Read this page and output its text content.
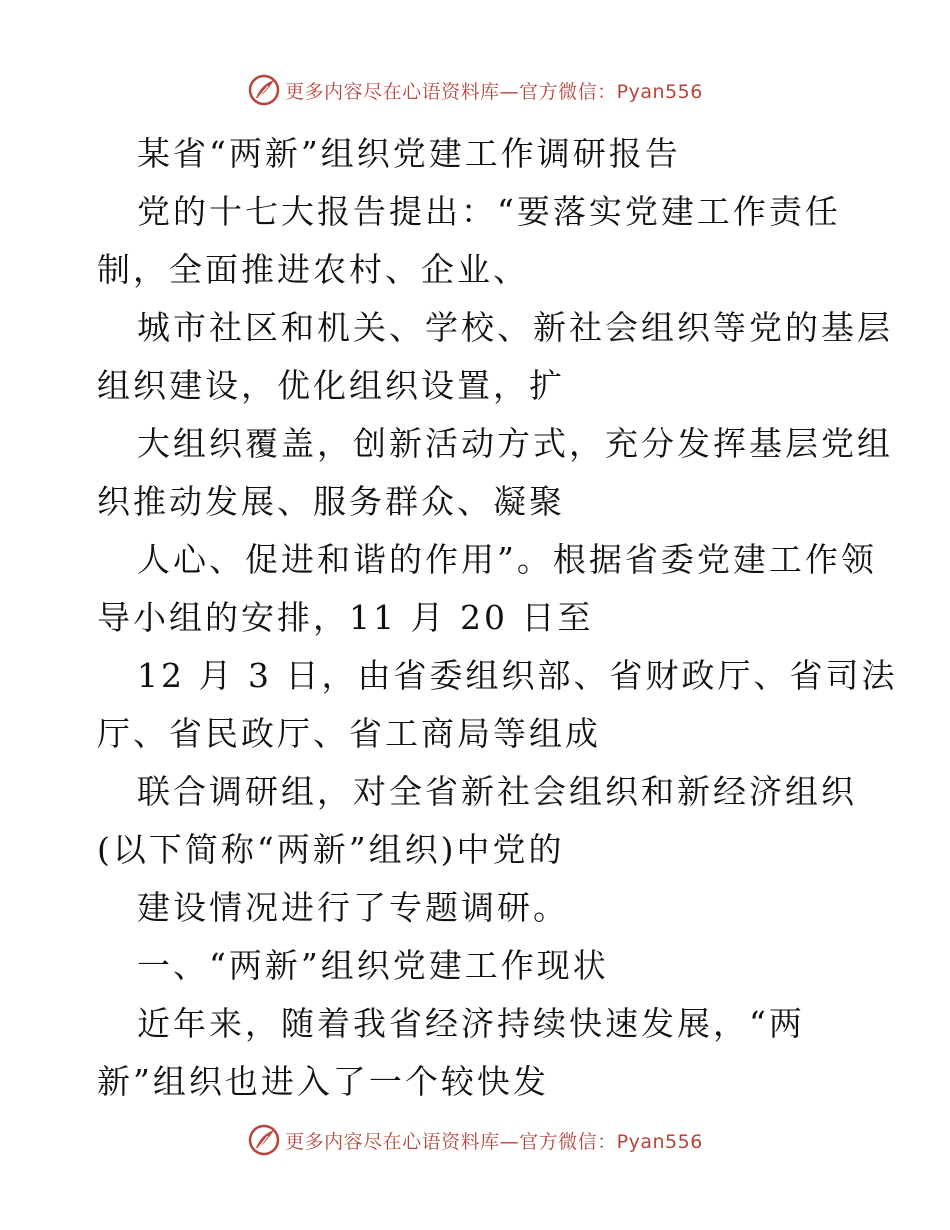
更多内容尽在心语资料库—官方微信：Pyan556
某省“两新”组织党建工作调研报告
党的十七大报告提出：“要落实党建工作责任
制，全面推进农村、企业、
城市社区和机关、学校、新社会组织等党的基层
组织建设，优化组织设置，扩
大组织覆盖，创新活动方式，充分发挥基层党组
织推动发展、服务群众、凝聚
人心、促进和谐的作用”。根据省委党建工作领
导小组的安排，11 月 20 日至
12 月 3 日，由省委组织部、省财政厅、省司法
厅、省民政厅、省工商局等组成
联合调研组，对全省新社会组织和新经济组织
(以下简称“两新”组织)中党的
建设情况进行了专题调研。
一、“两新”组织党建工作现状
近年来，随着我省经济持续快速发展，“两
新”组织也进入了一个较快发
更多内容尽在心语资料库—官方微信：Pyan556
